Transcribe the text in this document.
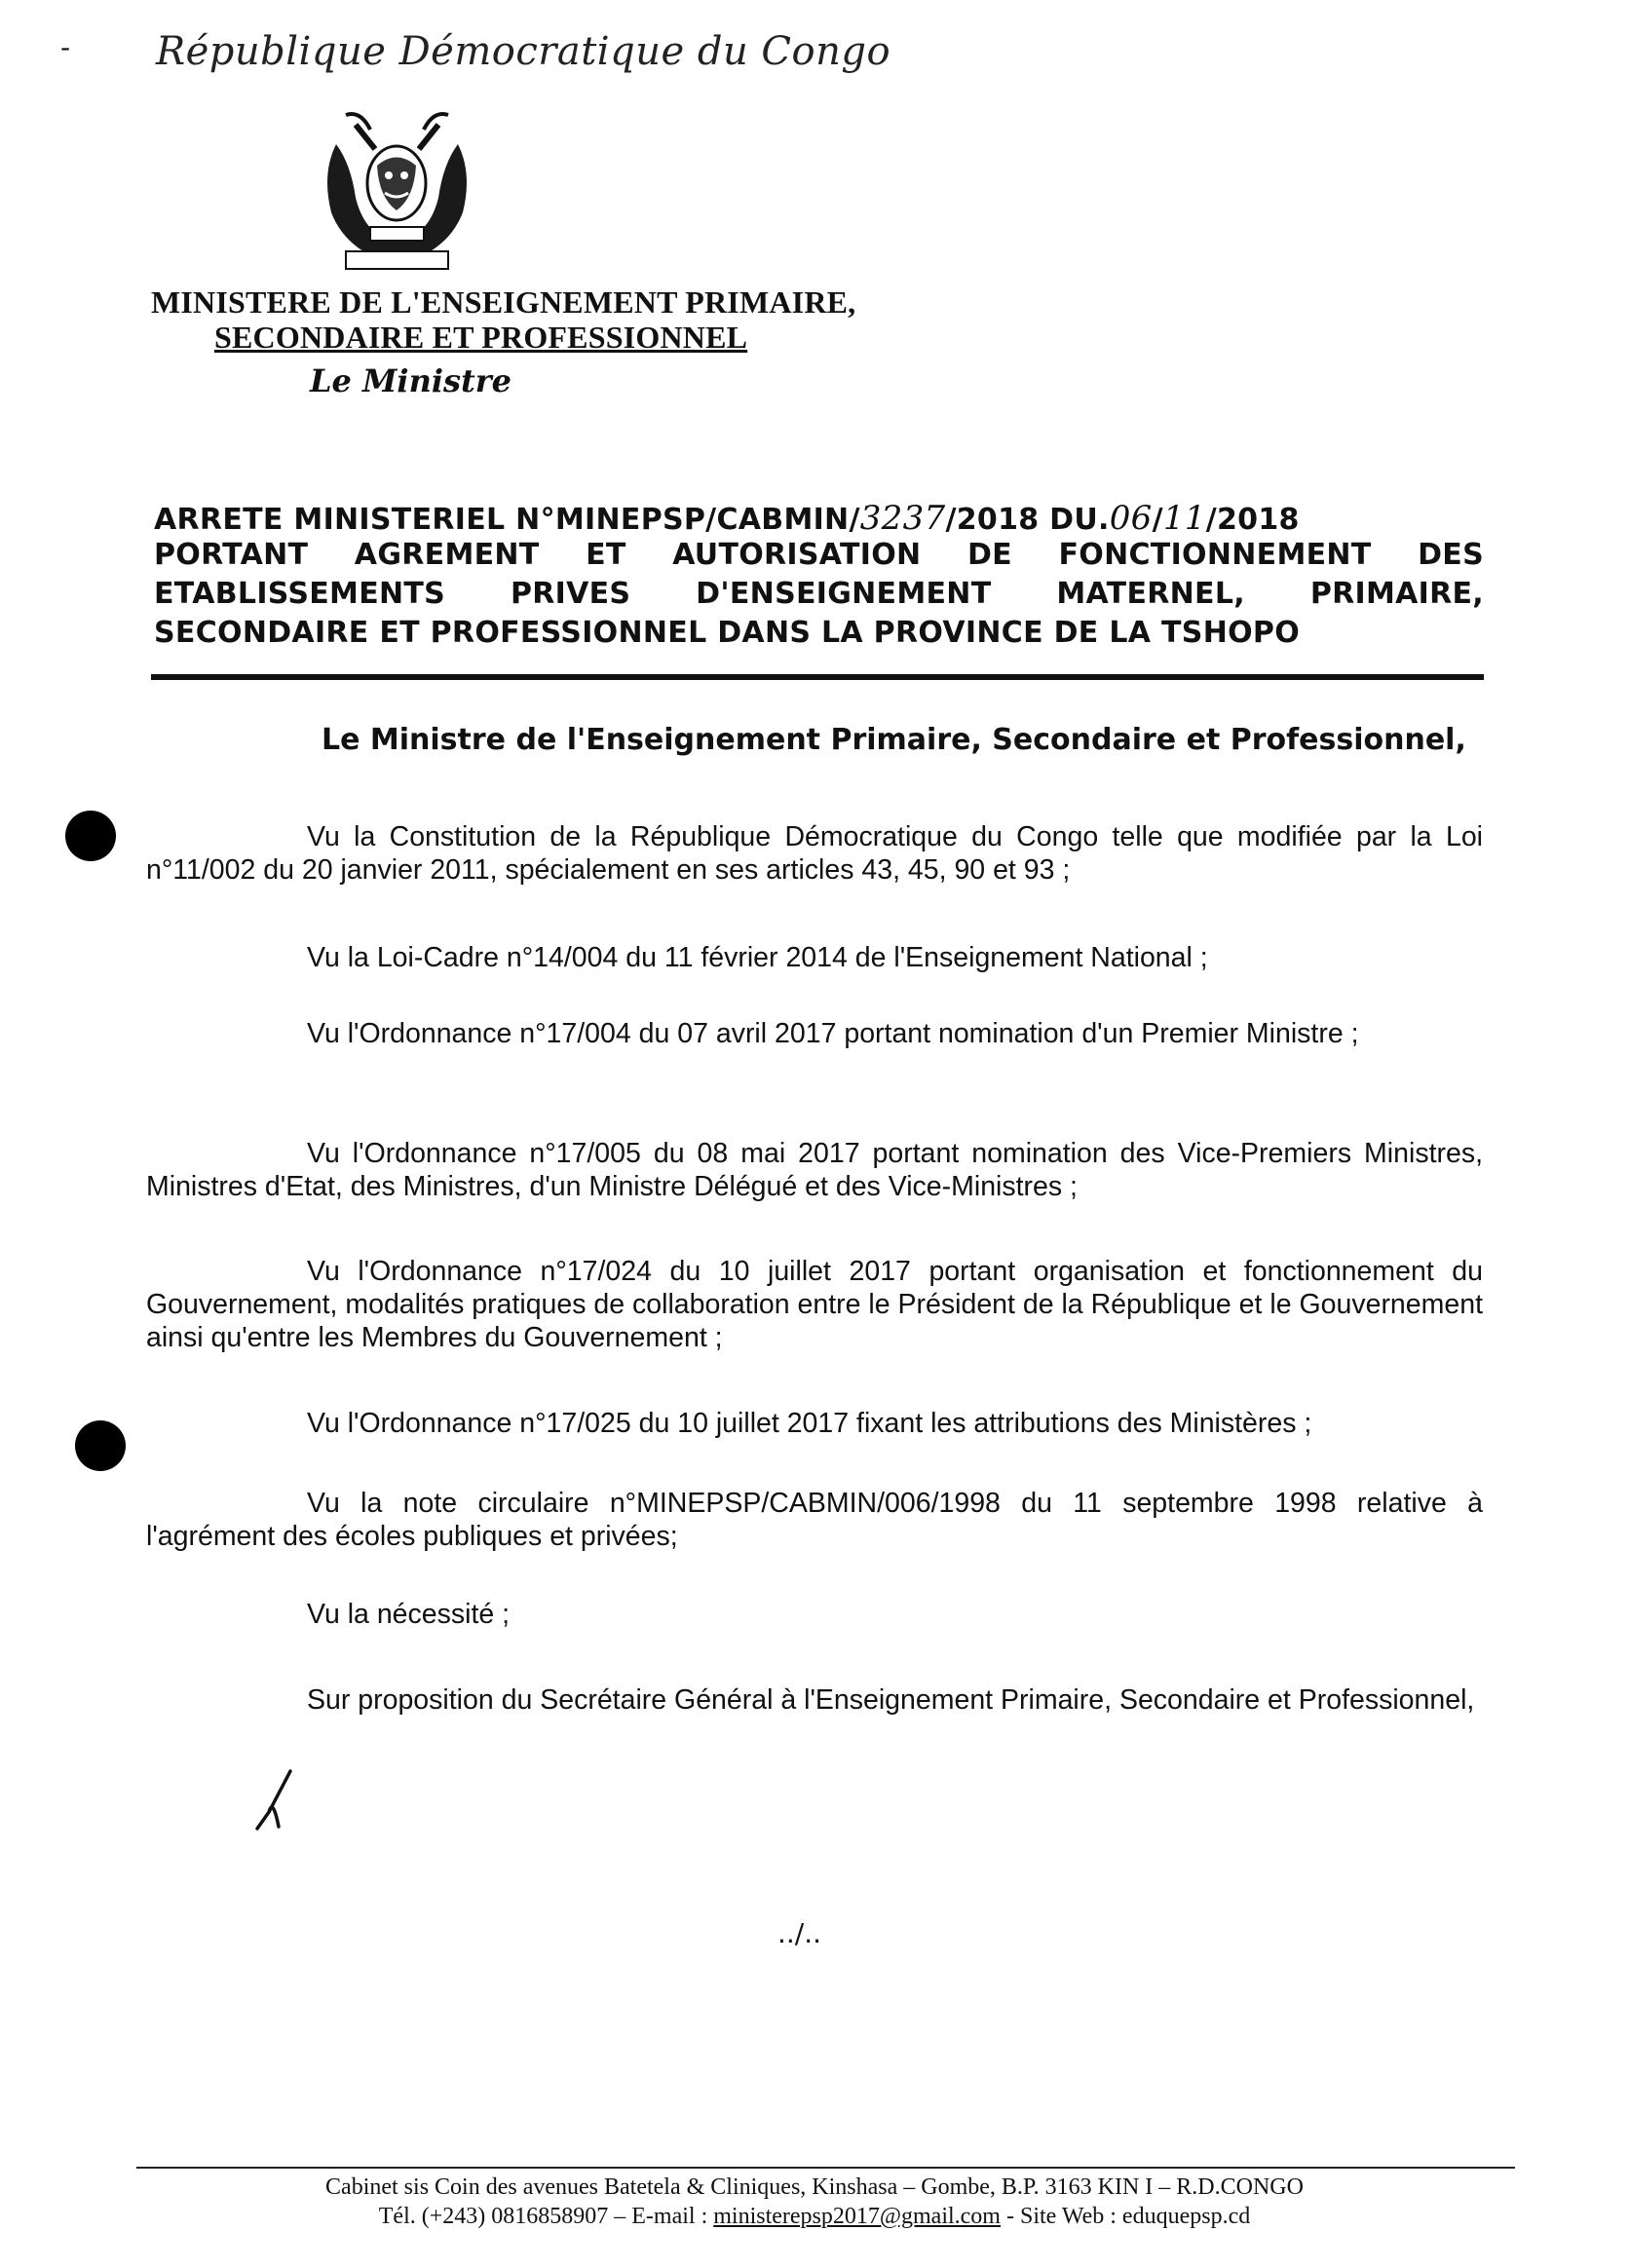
- République Démocratique du Congo
MINISTERE DE L'ENSEIGNEMENT PRIMAIRE,
SECONDAIRE ET PROFESSIONNEL
Le Ministre
ARRETE MINISTERIEL N°MINEPSP/CABMIN/3237/2018 DU.06/11/2018
PORTANT AGREMENT ET AUTORISATION DE FONCTIONNEMENT DES
ETABLISSEMENTS PRIVES D'ENSEIGNEMENT MATERNEL, PRIMAIRE,
SECONDAIRE ET PROFESSIONNEL DANS LA PROVINCE DE LA TSHOPO
Le Ministre de l'Enseignement Primaire, Secondaire et Professionnel,

Vu la Constitution de la République Démocratique du Congo telle que modifiée par la Loi n°11/002 du 20 janvier 2011, spécialement en ses articles 43, 45, 90 et 93 ;

Vu la Loi-Cadre n°14/004 du 11 février 2014 de l'Enseignement National ;

Vu l'Ordonnance n°17/004 du 07 avril 2017 portant nomination d'un Premier Ministre ;

Vu l'Ordonnance n°17/005 du 08 mai 2017 portant nomination des Vice-Premiers Ministres, Ministres d'Etat, des Ministres, d'un Ministre Délégué et des Vice-Ministres ;

Vu l'Ordonnance n°17/024 du 10 juillet 2017 portant organisation et fonctionnement du Gouvernement, modalités pratiques de collaboration entre le Président de la République et le Gouvernement ainsi qu'entre les Membres du Gouvernement ;

Vu l'Ordonnance n°17/025 du 10 juillet 2017 fixant les attributions des Ministères ;

Vu la note circulaire n°MINEPSP/CABMIN/006/1998 du 11 septembre 1998 relative à l'agrément des écoles publiques et privées;

Vu la nécessité ;

Sur proposition du Secrétaire Général à l'Enseignement Primaire, Secondaire et Professionnel,

../..
Cabinet sis Coin des avenues Batetela & Cliniques, Kinshasa – Gombe, B.P. 3163 KIN I – R.D.CONGO
Tél. (+243) 0816858907 – E-mail : ministerepsp2017@gmail.com - Site Web : eduquepsp.cd
